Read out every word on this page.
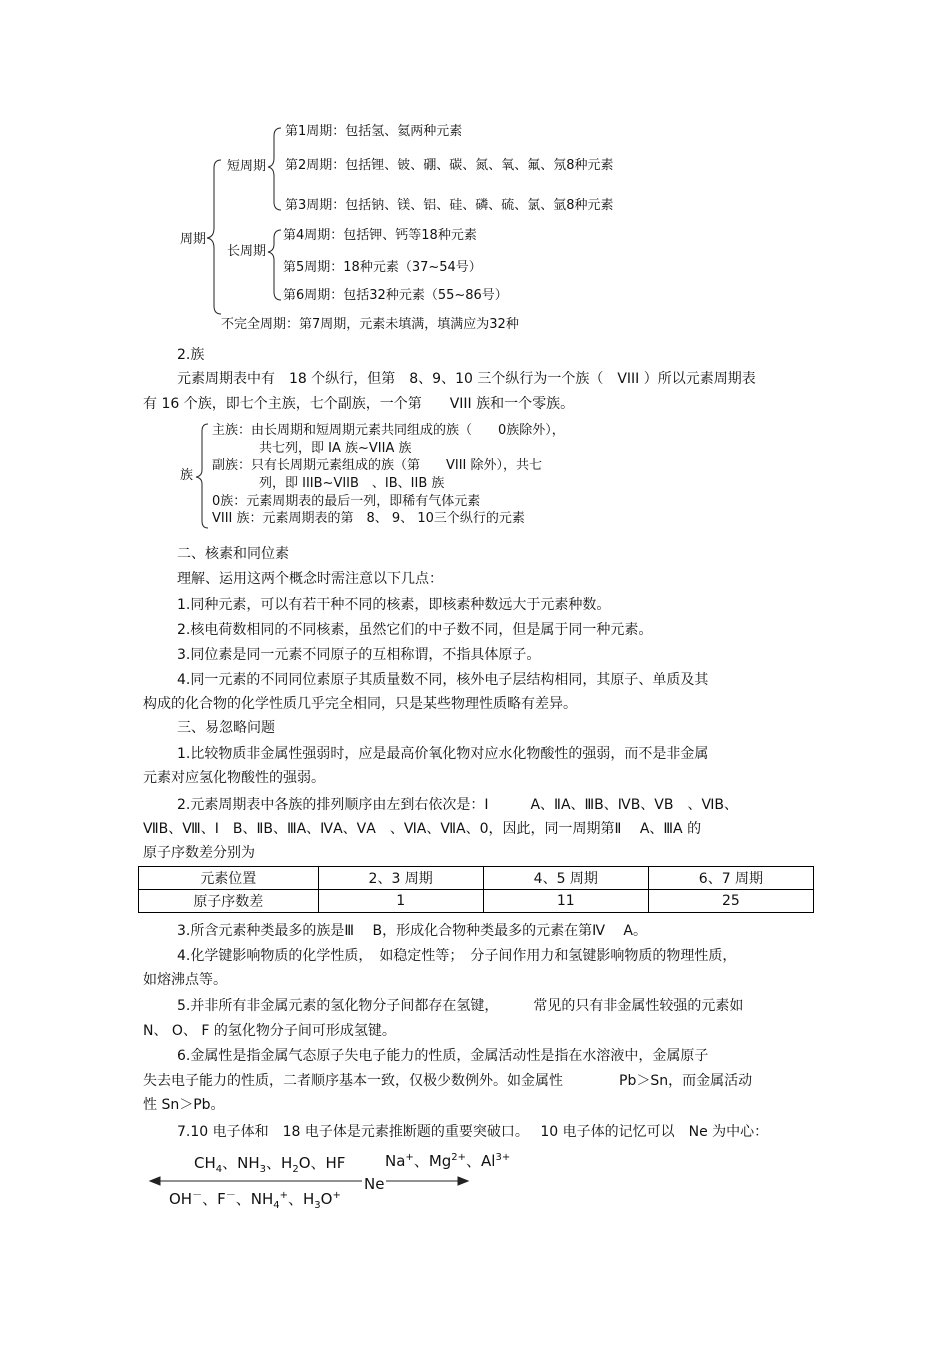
周期
短周期
长周期
第1周期：包括氢、氦两种元素
第2周期：包括锂、铍、硼、碳、氮、氧、氟、氖8种元素
第3周期：包括钠、镁、铝、硅、磷、硫、氯、氩8种元素
第4周期：包括钾、钙等18种元素
第5周期：18种元素（37~54号）
第6周期：包括32种元素（55~86号）
不完全周期：第7周期，元素未填满，填满应为32种
2.族
元素周期表中有　18 个纵行，但第　8、9、10 三个纵行为一个族（　VIII ）所以元素周期表
有 16 个族，即七个主族，七个副族，一个第　　VIII 族和一个零族。
族
主族：由长周期和短周期元素共同组成的族（　　0族除外），
共七列，即 IA 族~VIIA 族
副族：只有长周期元素组成的族（第　　VIII 除外），共七
列，即 IIIB~VIIB　、IB、IIB 族
0族：元素周期表的最后一列，即稀有气体元素
VIII 族：元素周期表的第　8、 9、 10三个纵行的元素
二、核素和同位素
理解、运用这两个概念时需注意以下几点：
1.同种元素，可以有若干种不同的核素，即核素种数远大于元素种数。
2.核电荷数相同的不同核素，虽然它们的中子数不同，但是属于同一种元素。
3.同位素是同一元素不同原子的互相称谓，不指具体原子。
4.同一元素的不同同位素原子其质量数不同，核外电子层结构相同，其原子、单质及其
构成的化合物的化学性质几乎完全相同，只是某些物理性质略有差异。
三、易忽略问题
1.比较物质非金属性强弱时，应是最高价氧化物对应水化物酸性的强弱，而不是非金属
元素对应氢化物酸性的强弱。
2.元素周期表中各族的排列顺序由左到右依次是：Ⅰ　　　A、ⅡA、ⅢB、ⅣB、ⅤB　、ⅥB、
ⅦB、Ⅷ、Ⅰ　B、ⅡB、ⅢA、ⅣA、ⅤA　、ⅥA、ⅦA、0，因此，同一周期第Ⅱ　 A、ⅢA 的
原子序数差分别为
元素位置	2、3 周期	4、5 周期	6、7 周期
原子序数差	1	11	25
3.所含元素种类最多的族是Ⅲ　 B，形成化合物种类最多的元素在第Ⅳ　 A。
4.化学键影响物质的化学性质，　如稳定性等；　分子间作用力和氢键影响物质的物理性质，
如熔沸点等。
5.并非所有非金属元素的氢化物分子间都存在氢键，　　　常见的只有非金属性较强的元素如
N、 O、 F 的氢化物分子间可形成氢键。
6.金属性是指金属气态原子失电子能力的性质，金属活动性是指在水溶液中，金属原子
失去电子能力的性质，二者顺序基本一致，仅极少数例外。如金属性　　　　Pb＞Sn，而金属活动
性 Sn＞Pb。
7.10 电子体和　18 电子体是元素推断题的重要突破口。　 10 电子体的记忆可以　Ne 为中心：
$CH_4$、$NH_3$、$H_2O$、HF	Na+、$Mg^{2+}$、$Al^{3+}$
Ne
OH－、F－、$NH_4^+$、$H_3O^+$
